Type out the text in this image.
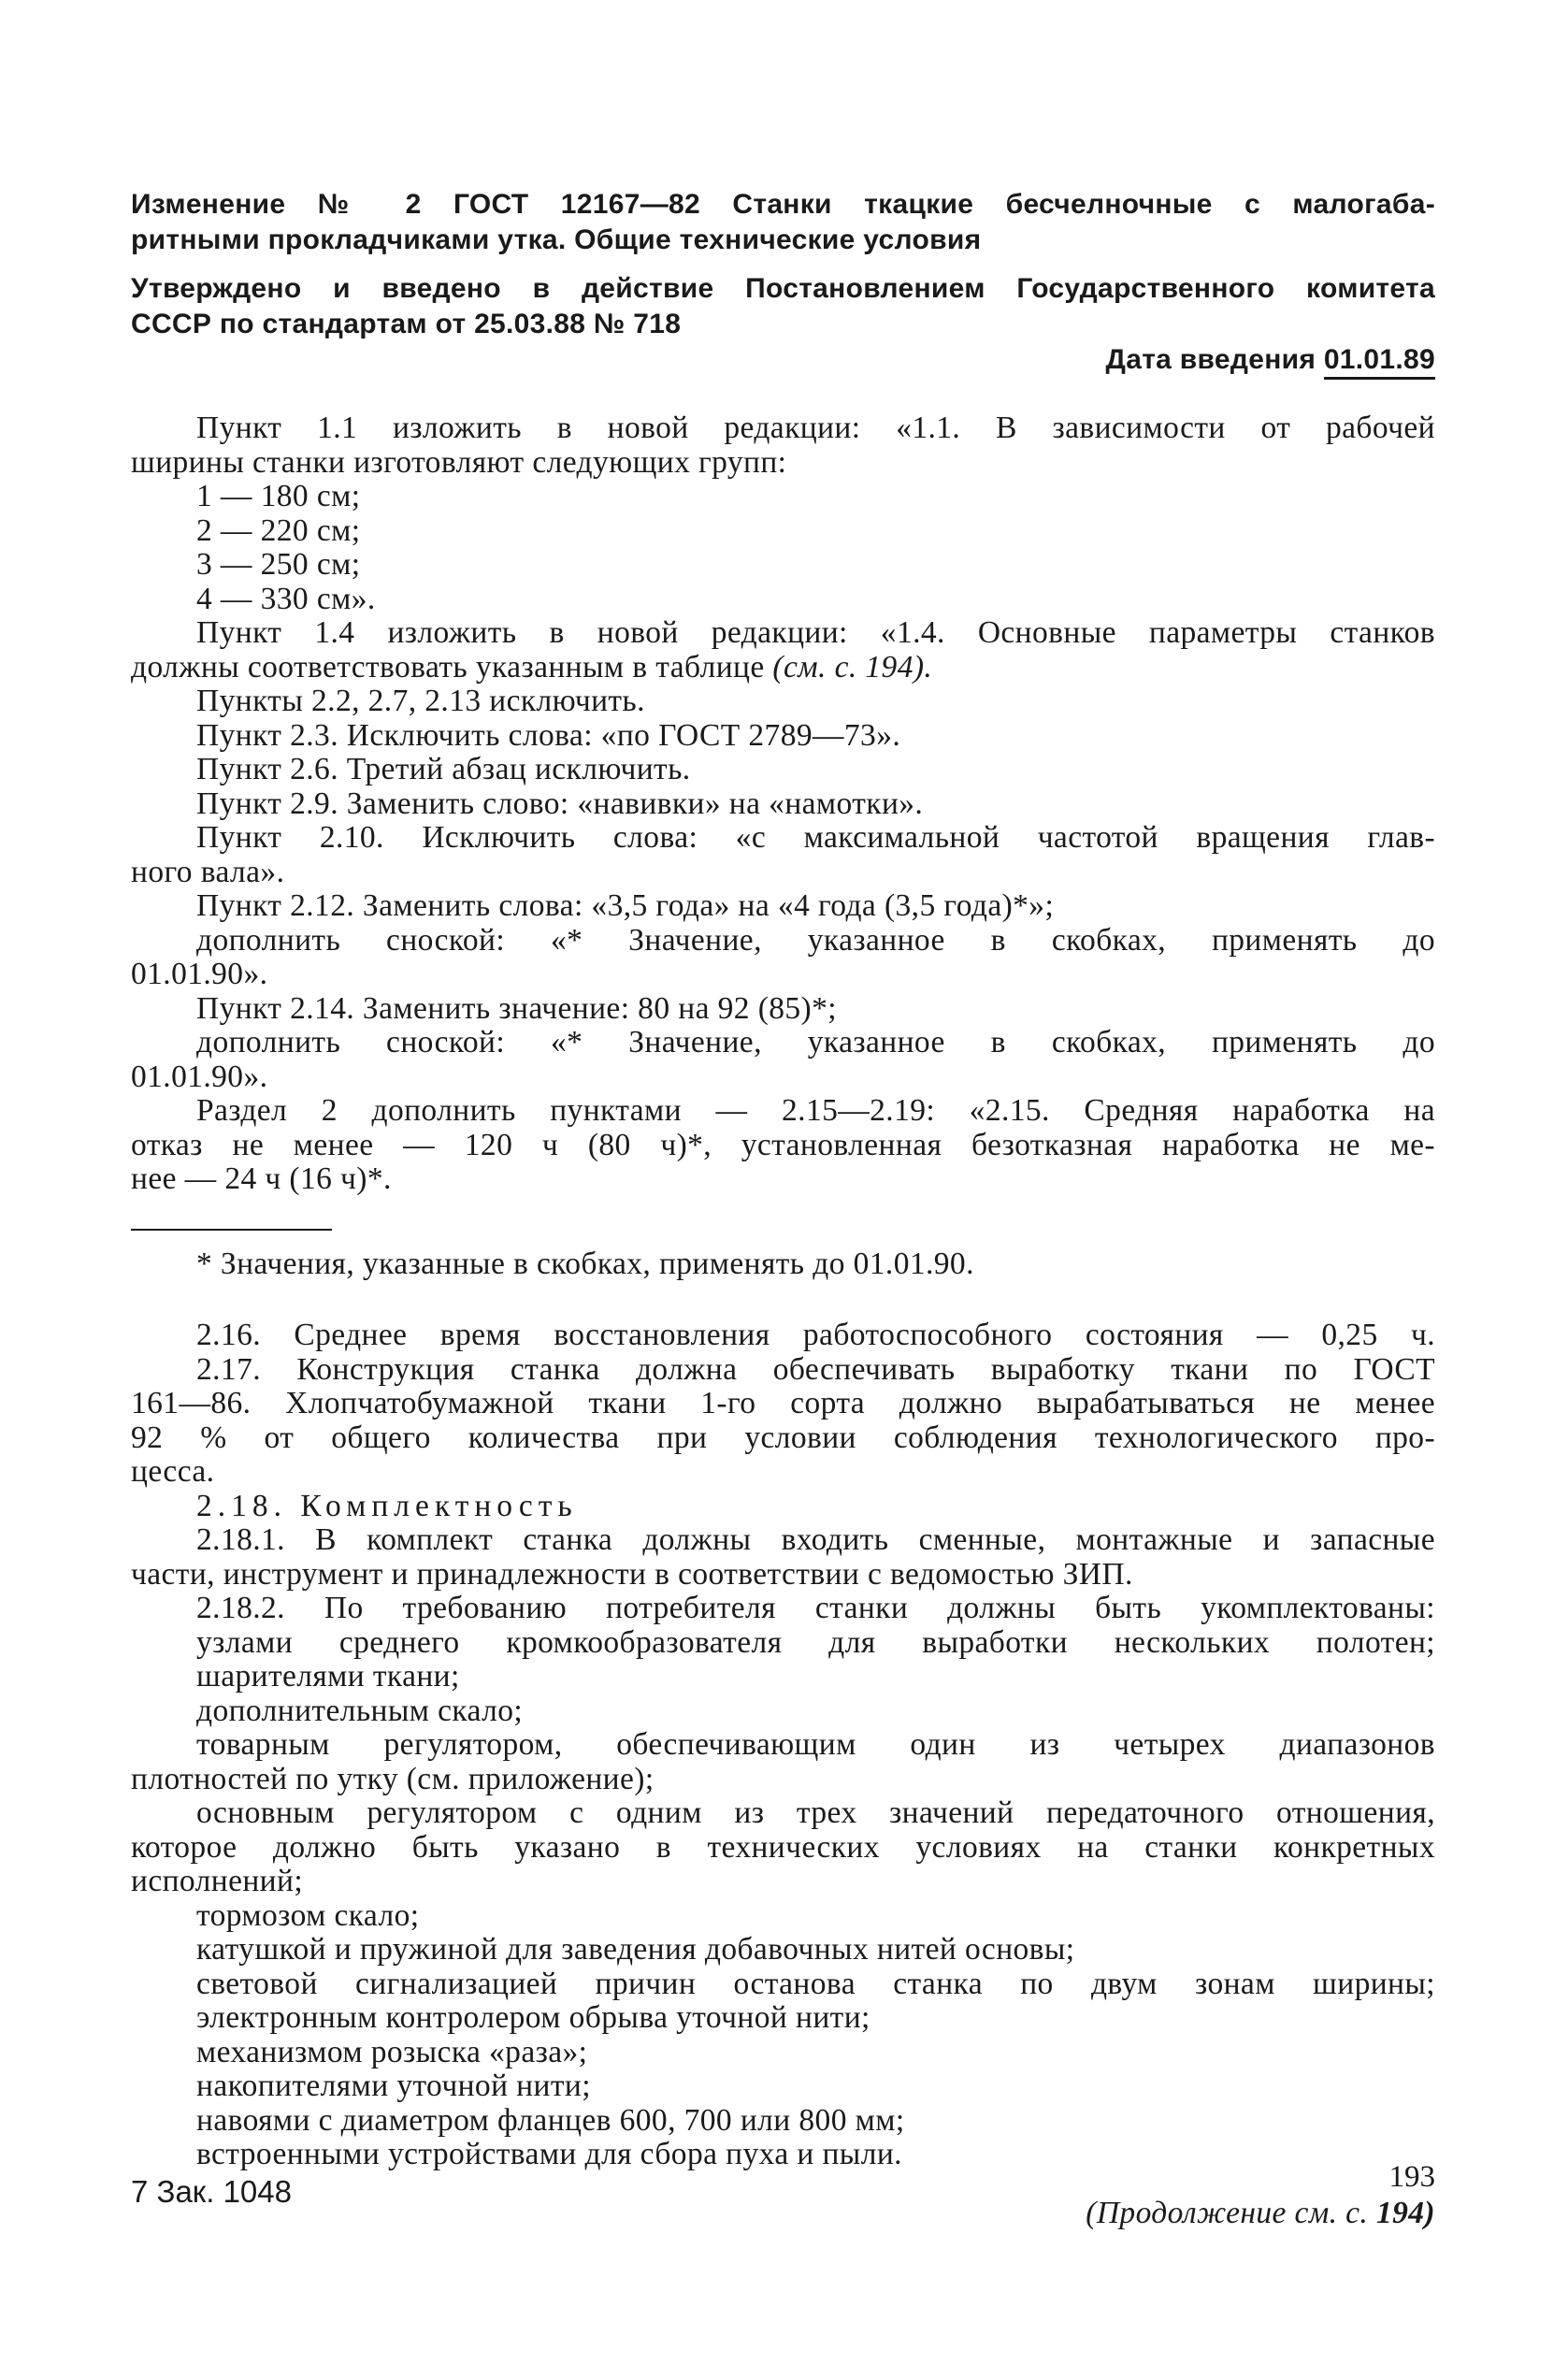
Изменение № 2 ГОСТ 12167—82 Станки ткацкие бесчелночные с малогаба-

ритными прокладчиками утка. Общие технические условия

Утверждено и введено в действие Постановлением Государственного комитета

СССР по стандартам от 25.03.88 № 718

Дата введения 01.01.89

Пункт 1.1 изложить в новой редакции: «1.1. В зависимости от рабочей

ширины станки изготовляют следующих групп:

1 — 180 см;

2 — 220 см;

3 — 250 см;

4 — 330 см».

Пункт 1.4 изложить в новой редакции: «1.4. Основные параметры станков

должны соответствовать указанным в таблице (см. с. 194).

Пункты 2.2, 2.7, 2.13 исключить.

Пункт 2.3. Исключить слова: «по ГОСТ 2789—73».

Пункт 2.6. Третий абзац исключить.

Пункт 2.9. Заменить слово: «навивки» на «намотки».

Пункт 2.10. Исключить слова: «с максимальной частотой вращения глав-

ного вала».

Пункт 2.12. Заменить слова: «3,5 года» на «4 года (3,5 года)*»;

дополнить сноской: «* Значение, указанное в скобках, применять до

01.01.90».

Пункт 2.14. Заменить значение: 80 на 92 (85)*;

дополнить сноской: «* Значение, указанное в скобках, применять до

01.01.90».

Раздел 2 дополнить пунктами — 2.15—2.19: «2.15. Средняя наработка на

отказ не менее — 120 ч (80 ч)*, установленная безотказная наработка не ме-

нее — 24 ч (16 ч)*.

* Значения, указанные в скобках, применять до 01.01.90.

2.16. Среднее время восстановления работоспособного состояния — 0,25 ч.

2.17. Конструкция станка должна обеспечивать выработку ткани по ГОСТ

161—86. Хлопчатобумажной ткани 1-го сорта должно вырабатываться не менее

92 % от общего количества при условии соблюдения технологического про-

цесса.

2.18. Комплектность

2.18.1. В комплект станка должны входить сменные, монтажные и запасные

части, инструмент и принадлежности в соответствии с ведомостью ЗИП.

2.18.2. По требованию потребителя станки должны быть укомплектованы:

узлами среднего кромкообразователя для выработки нескольких полотен;

шарителями ткани;

дополнительным скало;

товарным регулятором, обеспечивающим один из четырех диапазонов

плотностей по утку (см. приложение);

основным регулятором с одним из трех значений передаточного отношения,

которое должно быть указано в технических условиях на станки конкретных

исполнений;

тормозом скало;

катушкой и пружиной для заведения добавочных нитей основы;

световой сигнализацией причин останова станка по двум зонам ширины;

электронным контролером обрыва уточной нити;

механизмом розыска «раза»;

накопителями уточной нити;

навоями с диаметром фланцев 600, 700 или 800 мм;

встроенными устройствами для сбора пуха и пыли.

(Продолжение см. с. 194)

7 Зак. 1048	193
